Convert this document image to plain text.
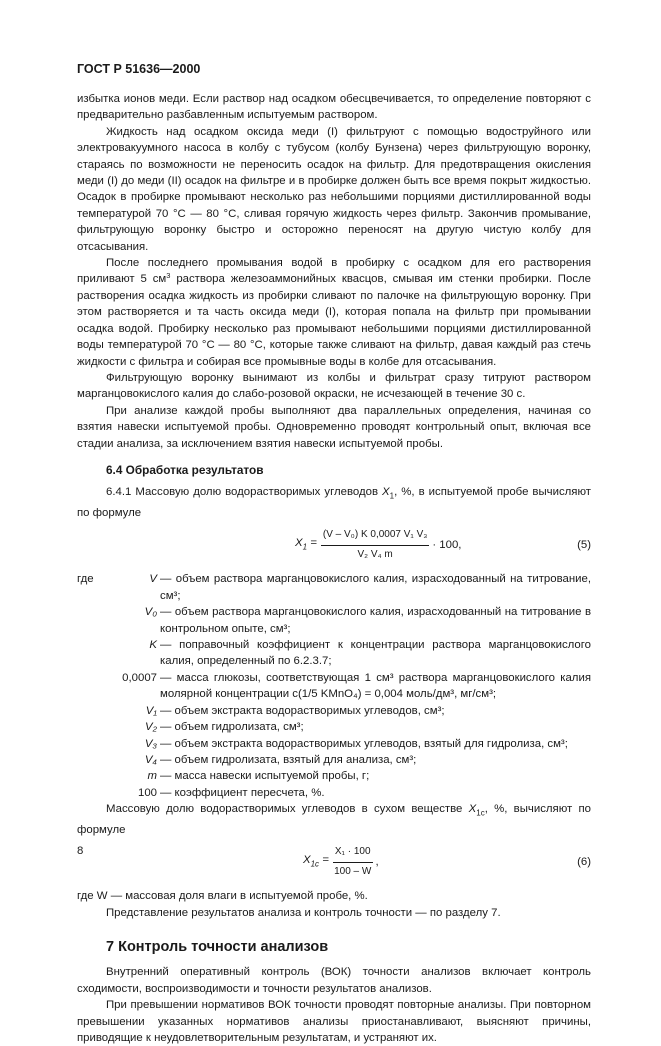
ГОСТ Р 51636—2000

избытка ионов меди. Если раствор над осадком обесцвечивается, то определение повторяют с предварительно разбавленным испытуемым раствором.

Жидкость над осадком оксида меди (I) фильтруют с помощью водоструйного или электровакуумного насоса в колбу с тубусом (колбу Бунзена) через фильтрующую воронку, стараясь по возможности не переносить осадок на фильтр. Для предотвращения окисления меди (I) до меди (II) осадок на фильтре и в пробирке должен быть все время покрыт жидкостью. Осадок в пробирке промывают несколько раз небольшими порциями дистиллированной воды температурой 70 °С — 80 °С, сливая горячую жидкость через фильтр. Закончив промывание, фильтрующую воронку быстро и осторожно переносят на другую чистую колбу для отсасывания.

После последнего промывания водой в пробирку с осадком для его растворения приливают 5 $см^3$ раствора железоаммонийных квасцов, смывая им стенки пробирки. После растворения осадка жидкость из пробирки сливают по палочке на фильтрующую воронку. При этом растворяется и та часть оксида меди (I), которая попала на фильтр при промывании осадка водой. Пробирку несколько раз промывают небольшими порциями дистиллированной воды температурой 70 °С — 80 °С, которые также сливают на фильтр, давая каждый раз стечь жидкости с фильтра и собирая все промывные воды в колбе для отсасывания.

Фильтрующую воронку вынимают из колбы и фильтрат сразу титруют раствором марганцовокислого калия до слабо-розовой окраски, не исчезающей в течение 30 с.

При анализе каждой пробы выполняют два параллельных определения, начиная со взятия навески испытуемой пробы. Одновременно проводят контрольный опыт, включая все стадии анализа, за исключением взятия навески испытуемой пробы.

6.4 Обработка результатов

6.4.1 Массовую долю водорастворимых углеводов $X_1$, %, в испытуемой пробе вычисляют по формуле

$X_1 = \frac{\text{(V – V₀) K 0,0007 V₁ V₃}}{\text{V₂ V₄ m}} \cdot 100$,	(5)
где	V — объем раствора марганцовокислого калия, израсходованный на титрование, см³;
V₀ — объем раствора марганцовокислого калия, израсходованный на титрование в контрольном опыте, см³;
K — поправочный коэффициент к концентрации раствора марганцовокислого калия, определенный по 6.2.3.7;
0,0007 — масса глюкозы, соответствующая 1 см³ раствора марганцовокислого калия молярной концентрации c(1/5 KMnO₄) = 0,004 моль/дм³, мг/см³;
V₁ — объем экстракта водорастворимых углеводов, см³;
V₂ — объем гидролизата, см³;
V₃ — объем экстракта водорастворимых углеводов, взятый для гидролиза, см³;
V₄ — объем гидролизата, взятый для анализа, см³;
m — масса навески испытуемой пробы, г;
100 — коэффициент пересчета, %.

Массовую долю водорастворимых углеводов в сухом веществе $X_{1c}$, %, вычисляют по формуле

$X_{1c} = \frac{\text{X₁ · 100}}{100 - W}$ ,	(6)

где W — массовая доля влаги в испытуемой пробе, %.

Представление результатов анализа и контроль точности — по разделу 7.

7 Контроль точности анализов

Внутренний оперативный контроль (ВОК) точности анализов включает контроль сходимости, воспроизводимости и точности результатов анализов.

При превышении нормативов ВОК точности проводят повторные анализы. При повторном превышении указанных нормативов анализы приостанавливают, выясняют причины, приводящие к неудовлетворительным результатам, и устраняют их.

8
